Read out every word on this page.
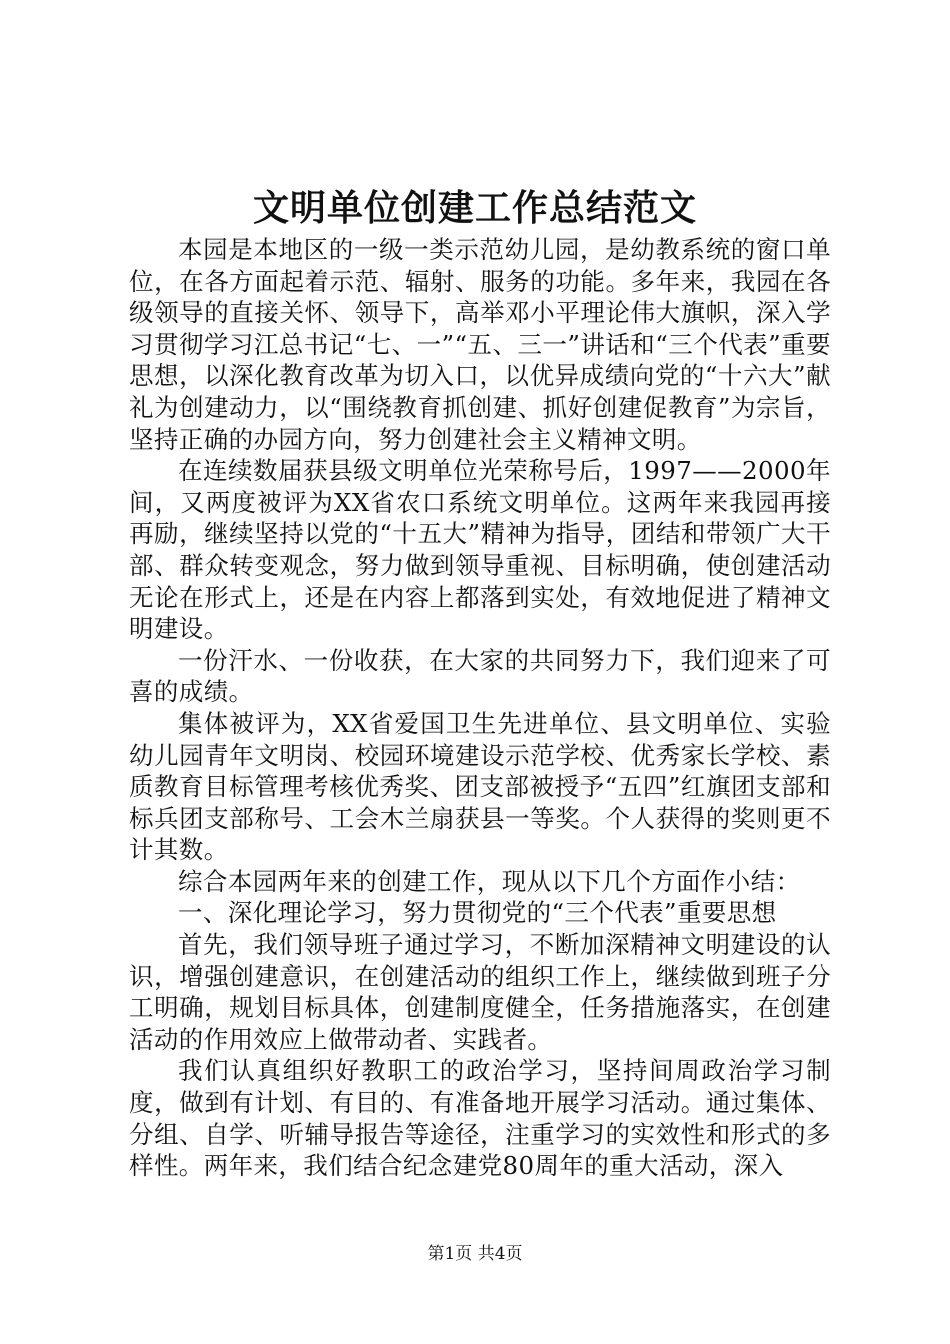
文明单位创建工作总结范文

本园是本地区的一级一类示范幼儿园，是幼教系统的窗口单位，在各方面起着示范、辐射、服务的功能。多年来，我园在各级领导的直接关怀、领导下，高举邓小平理论伟大旗帜，深入学习贯彻学习江总书记“七、一”“五、三一”讲话和“三个代表”重要思想，以深化教育改革为切入口，以优异成绩向党的“十六大”献礼为创建动力，以“围绕教育抓创建、抓好创建促教育”为宗旨，坚持正确的办园方向，努力创建社会主义精神文明。

在连续数届获县级文明单位光荣称号后，1997——2000年间，又两度被评为XX省农口系统文明单位。这两年来我园再接再励，继续坚持以党的“十五大”精神为指导，团结和带领广大干部、群众转变观念，努力做到领导重视、目标明确，使创建活动无论在形式上，还是在内容上都落到实处，有效地促进了精神文明建设。

一份汗水、一份收获，在大家的共同努力下，我们迎来了可喜的成绩。

集体被评为，XX省爱国卫生先进单位、县文明单位、实验幼儿园青年文明岗、校园环境建设示范学校、优秀家长学校、素质教育目标管理考核优秀奖、团支部被授予“五四”红旗团支部和标兵团支部称号、工会木兰扇获县一等奖。个人获得的奖则更不计其数。

综合本园两年来的创建工作，现从以下几个方面作小结：

一、深化理论学习，努力贯彻党的“三个代表”重要思想

首先，我们领导班子通过学习，不断加深精神文明建设的认识，增强创建意识，在创建活动的组织工作上，继续做到班子分工明确，规划目标具体，创建制度健全，任务措施落实，在创建活动的作用效应上做带动者、实践者。

我们认真组织好教职工的政治学习，坚持间周政治学习制度，做到有计划、有目的、有准备地开展学习活动。通过集体、分组、自学、听辅导报告等途径，注重学习的实效性和形式的多样性。两年来，我们结合纪念建党80周年的重大活动，深入

第1页 共4页
